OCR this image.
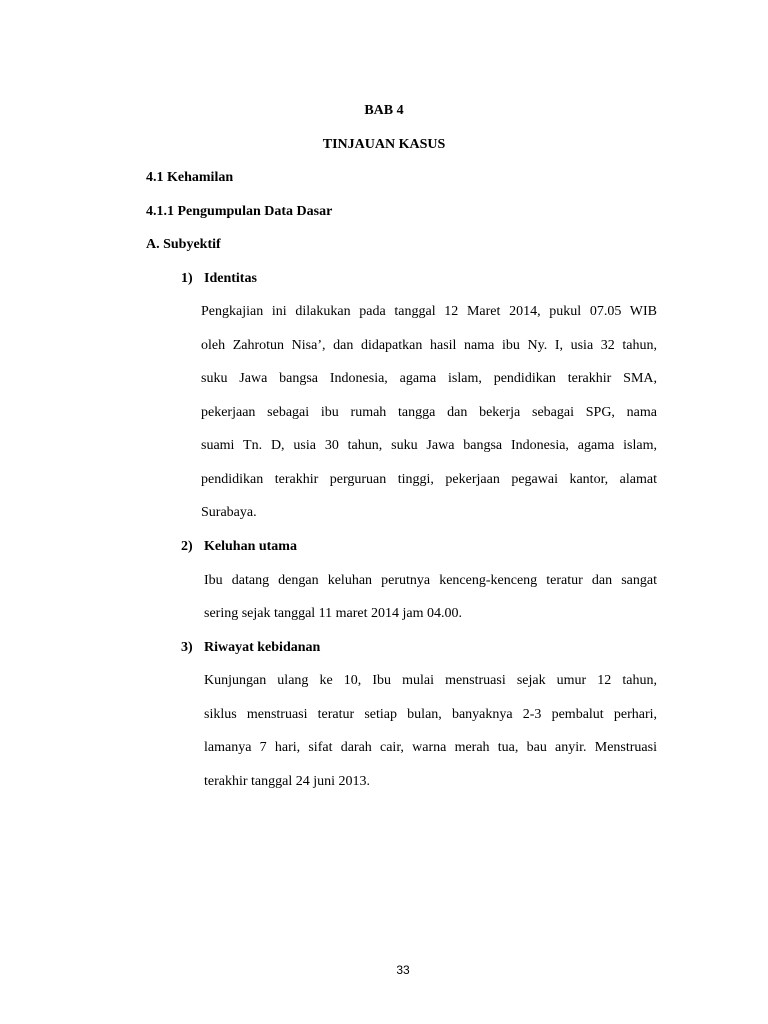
BAB 4
TINJAUAN KASUS
4.1 Kehamilan
4.1.1 Pengumpulan Data Dasar
A. Subyektif
1) Identitas
Pengkajian ini dilakukan pada tanggal 12 Maret 2014, pukul 07.05 WIB
oleh Zahrotun Nisa’, dan didapatkan hasil nama ibu Ny. I, usia 32 tahun,
suku Jawa bangsa Indonesia, agama islam, pendidikan terakhir SMA,
pekerjaan sebagai ibu rumah tangga dan bekerja sebagai SPG, nama
suami Tn. D, usia 30 tahun, suku Jawa bangsa Indonesia, agama islam,
pendidikan terakhir perguruan tinggi, pekerjaan pegawai kantor, alamat
Surabaya.
2) Keluhan utama
Ibu datang dengan keluhan perutnya kenceng-kenceng teratur dan sangat
sering sejak tanggal 11 maret 2014 jam 04.00.
3) Riwayat kebidanan
Kunjungan ulang ke 10, Ibu mulai menstruasi sejak umur 12 tahun,
siklus menstruasi teratur setiap bulan, banyaknya 2-3 pembalut perhari,
lamanya 7 hari, sifat darah cair, warna merah tua, bau anyir. Menstruasi
terakhir tanggal 24 juni 2013.
33
